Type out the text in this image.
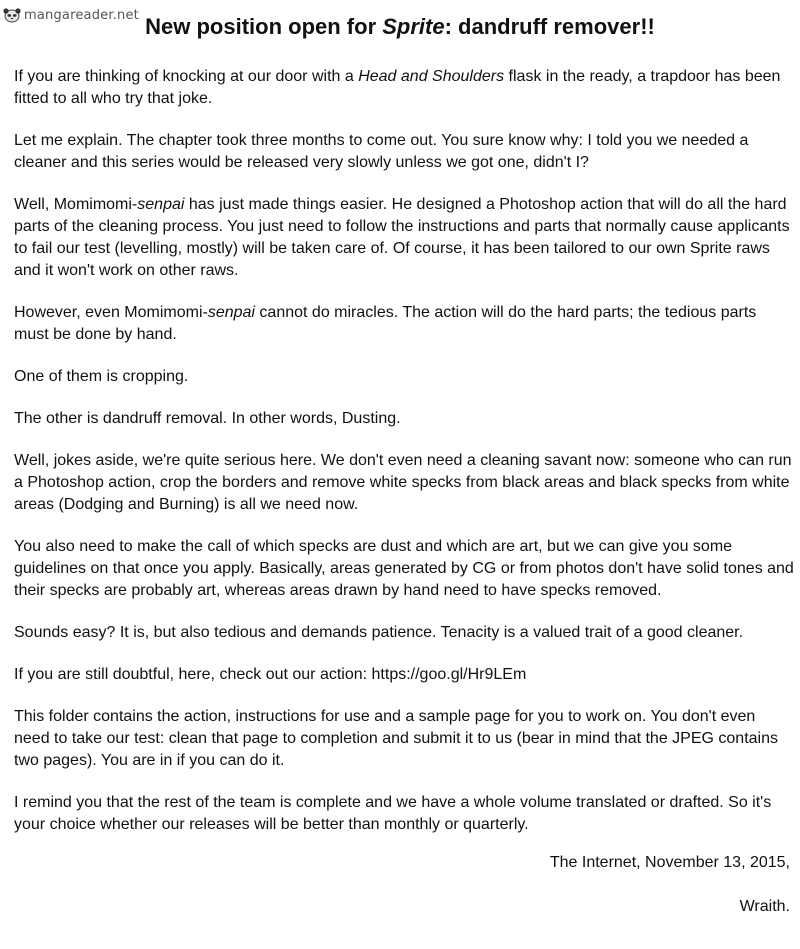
mangareader.net New position open for Sprite: dandruff remover!!

If you are thinking of knocking at our door with a Head and Shoulders flask in the ready, a trapdoor has been fitted to all who try that joke.

Let me explain. The chapter took three months to come out. You sure know why: I told you we needed a cleaner and this series would be released very slowly unless we got one, didn't I?

Well, Momimomi-senpai has just made things easier. He designed a Photoshop action that will do all the hard parts of the cleaning process. You just need to follow the instructions and parts that normally cause applicants to fail our test (levelling, mostly) will be taken care of. Of course, it has been tailored to our own Sprite raws and it won't work on other raws.

However, even Momimomi-senpai cannot do miracles. The action will do the hard parts; the tedious parts must be done by hand.

One of them is cropping.

The other is dandruff removal. In other words, Dusting.

Well, jokes aside, we're quite serious here. We don't even need a cleaning savant now: someone who can run a Photoshop action, crop the borders and remove white specks from black areas and black specks from white areas (Dodging and Burning) is all we need now.

You also need to make the call of which specks are dust and which are art, but we can give you some guidelines on that once you apply. Basically, areas generated by CG or from photos don't have solid tones and their specks are probably art, whereas areas drawn by hand need to have specks removed.

Sounds easy? It is, but also tedious and demands patience. Tenacity is a valued trait of a good cleaner.

If you are still doubtful, here, check out our action: https://goo.gl/Hr9LEm

This folder contains the action, instructions for use and a sample page for you to work on. You don't even need to take our test: clean that page to completion and submit it to us (bear in mind that the JPEG contains two pages). You are in if you can do it.

I remind you that the rest of the team is complete and we have a whole volume translated or drafted. So it's your choice whether our releases will be better than monthly or quarterly.

The Internet, November 13, 2015,
Wraith.
